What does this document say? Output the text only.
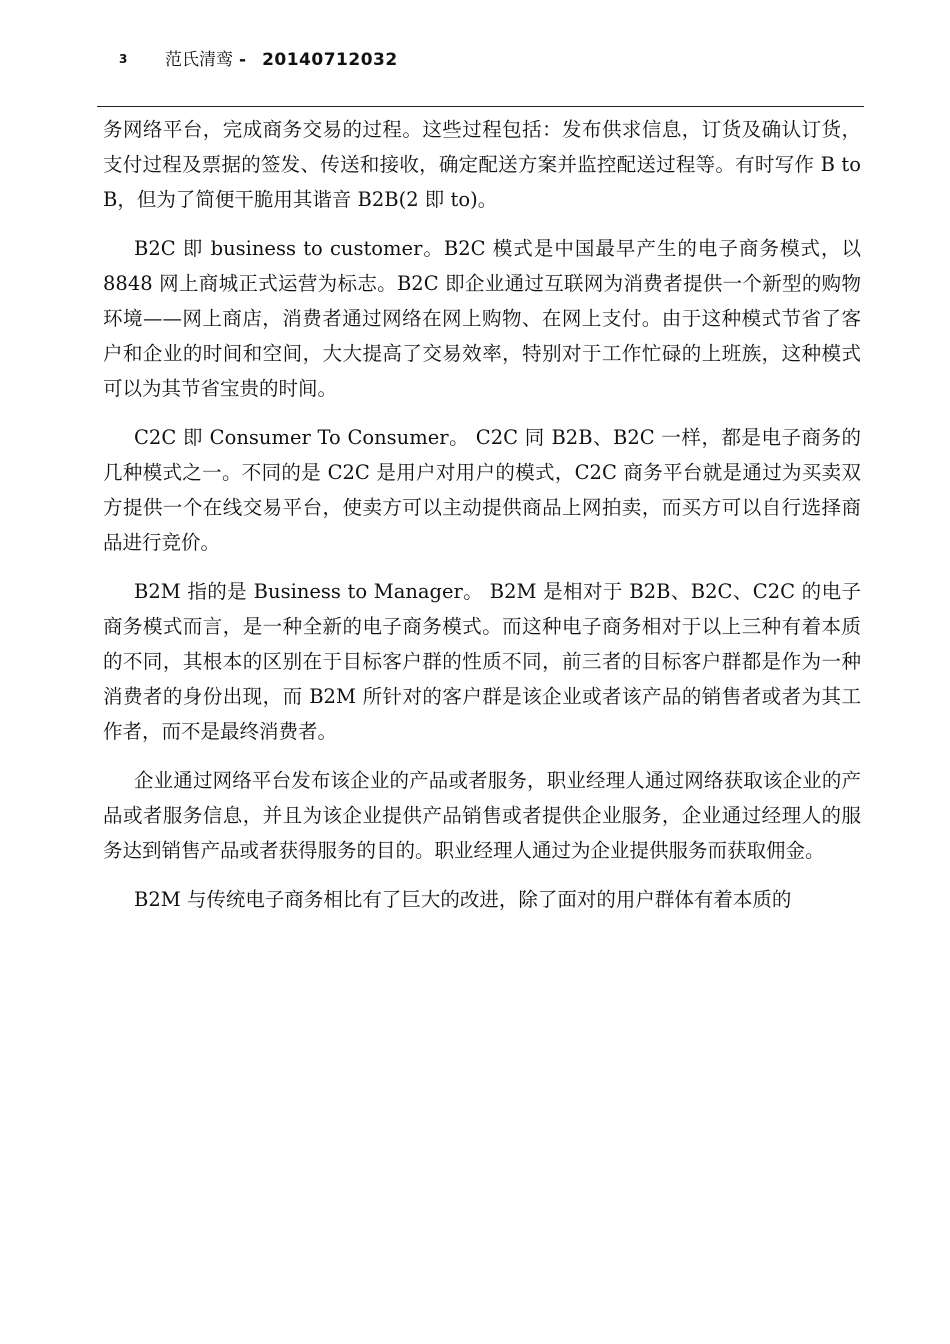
3 范氏清鸾 - 20140712032

务网络平台，完成商务交易的过程。这些过程包括：发布供求信息，订货及确认订货，支付过程及票据的签发、传送和接收，确定配送方案并监控配送过程等。有时写作 B to B，但为了简便干脆用其谐音 B2B(2 即 to)。

B2C 即 business to customer。B2C 模式是中国最早产生的电子商务模式，以 8848 网上商城正式运营为标志。B2C 即企业通过互联网为消费者提供一个新型的购物环境——网上商店，消费者通过网络在网上购物、在网上支付。由于这种模式节省了客户和企业的时间和空间，大大提高了交易效率，特别对于工作忙碌的上班族，这种模式可以为其节省宝贵的时间。

C2C 即 Consumer To Consumer。 C2C 同 B2B、B2C 一样，都是电子商务的几种模式之一。不同的是 C2C 是用户对用户的模式，C2C 商务平台就是通过为买卖双方提供一个在线交易平台，使卖方可以主动提供商品上网拍卖，而买方可以自行选择商品进行竞价。

B2M 指的是 Business to Manager。 B2M 是相对于 B2B、B2C、C2C 的电子商务模式而言，是一种全新的电子商务模式。而这种电子商务相对于以上三种有着本质的不同，其根本的区别在于目标客户群的性质不同，前三者的目标客户群都是作为一种消费者的身份出现，而 B2M 所针对的客户群是该企业或者该产品的销售者或者为其工作者，而不是最终消费者。

企业通过网络平台发布该企业的产品或者服务，职业经理人通过网络获取该企业的产品或者服务信息，并且为该企业提供产品销售或者提供企业服务，企业通过经理人的服务达到销售产品或者获得服务的目的。职业经理人通过为企业提供服务而获取佣金。

B2M 与传统电子商务相比有了巨大的改进，除了面对的用户群体有着本质的
